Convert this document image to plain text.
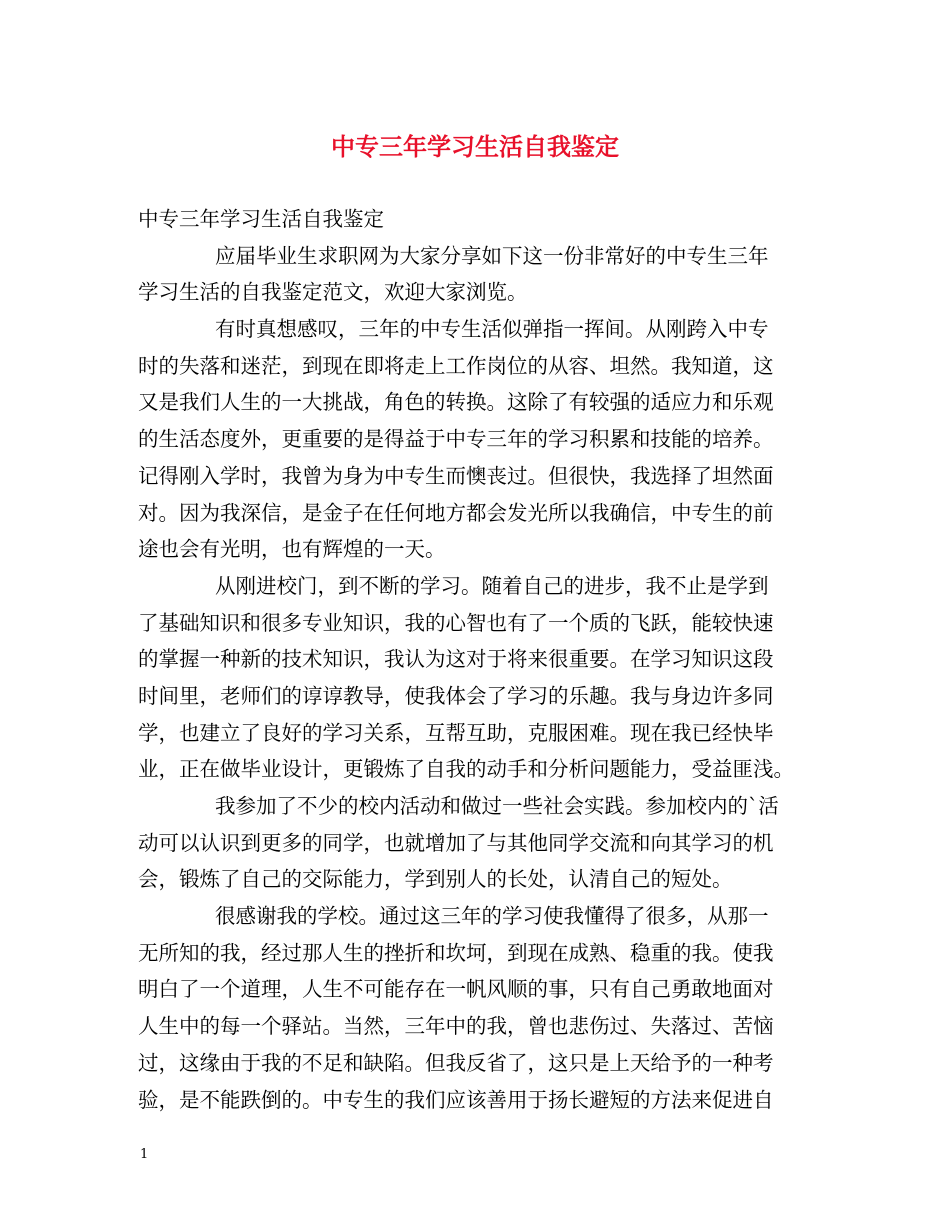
中专三年学习生活自我鉴定
中专三年学习生活自我鉴定
应届毕业生求职网为大家分享如下这一份非常好的中专生三年
学习生活的自我鉴定范文，欢迎大家浏览。
有时真想感叹，三年的中专生活似弹指一挥间。从刚跨入中专
时的失落和迷茫，到现在即将走上工作岗位的从容、坦然。我知道，这
又是我们人生的一大挑战，角色的转换。这除了有较强的适应力和乐观
的生活态度外，更重要的是得益于中专三年的学习积累和技能的培养。
记得刚入学时，我曾为身为中专生而懊丧过。但很快，我选择了坦然面
对。因为我深信，是金子在任何地方都会发光所以我确信，中专生的前
途也会有光明，也有辉煌的一天。
从刚进校门，到不断的学习。随着自己的进步，我不止是学到
了基础知识和很多专业知识，我的心智也有了一个质的飞跃，能较快速
的掌握一种新的技术知识，我认为这对于将来很重要。在学习知识这段
时间里，老师们的谆谆教导，使我体会了学习的乐趣。我与身边许多同
学，也建立了良好的学习关系，互帮互助，克服困难。现在我已经快毕
业，正在做毕业设计，更锻炼了自我的动手和分析问题能力，受益匪浅。
我参加了不少的校内活动和做过一些社会实践。参加校内的`活
动可以认识到更多的同学，也就增加了与其他同学交流和向其学习的机
会，锻炼了自己的交际能力，学到别人的长处，认清自己的短处。
很感谢我的学校。通过这三年的学习使我懂得了很多，从那一
无所知的我，经过那人生的挫折和坎坷，到现在成熟、稳重的我。使我
明白了一个道理，人生不可能存在一帆风顺的事，只有自己勇敢地面对
人生中的每一个驿站。当然，三年中的我，曾也悲伤过、失落过、苦恼
过，这缘由于我的不足和缺陷。但我反省了，这只是上天给予的一种考
验，是不能跌倒的。中专生的我们应该善用于扬长避短的方法来促进自
1
